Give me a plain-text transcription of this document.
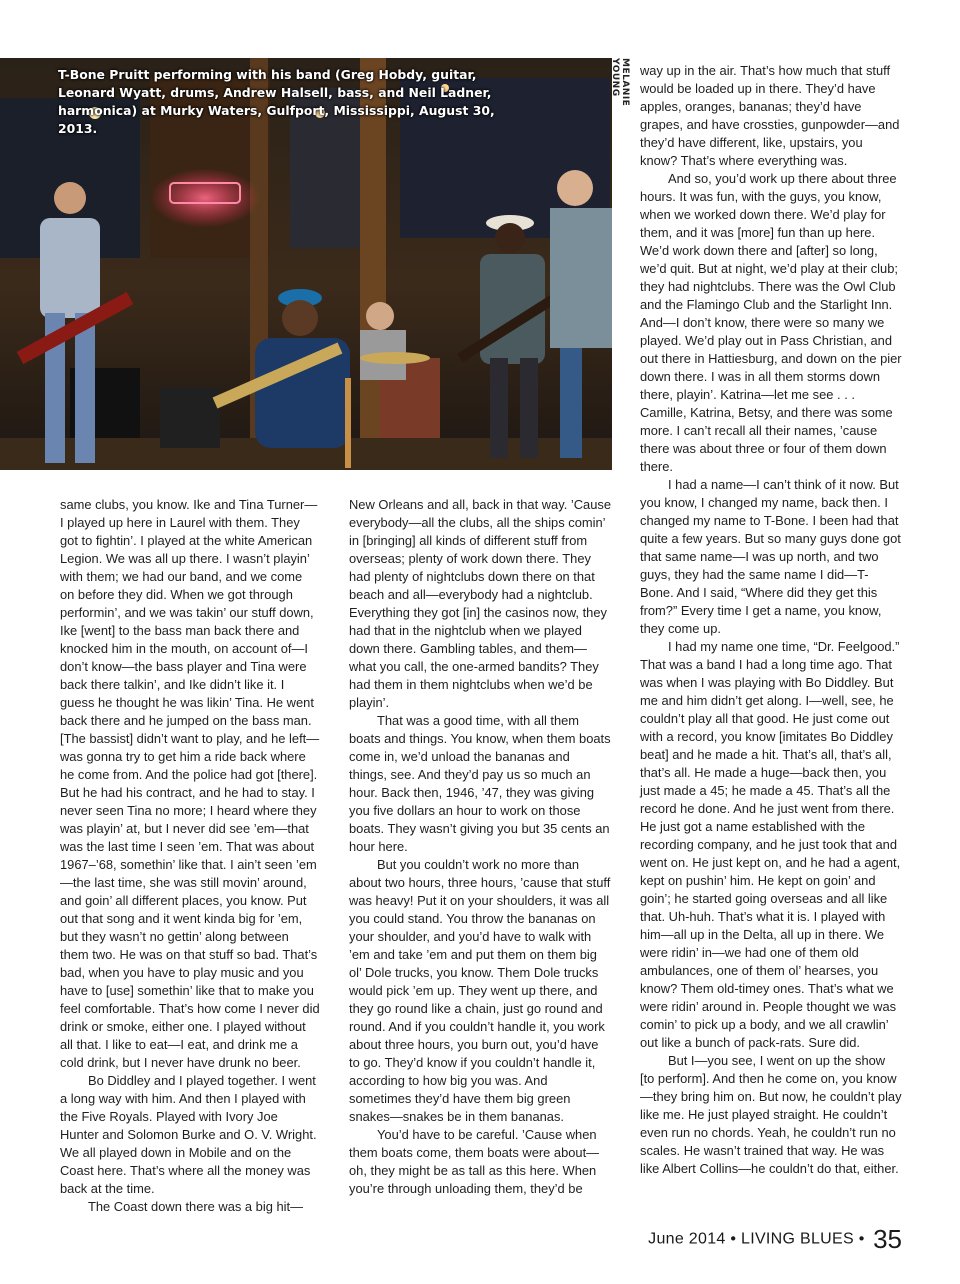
T-Bone Pruitt performing with his band (Greg Hobdy, guitar, Leonard Wyatt, drums, Andrew Halsell, bass, and Neil Ladner, harmonica) at Murky Waters, Gulfport, Mississippi, August 30, 2013.

MELANIE YOUNG

same clubs, you know. Ike and Tina Turner—I played up here in Laurel with them. They got to fightin’. I played at the white American Legion. We was all up there. I wasn’t playin’ with them; we had our band, and we come on before they did. When we got through performin’, and we was takin’ our stuff down, Ike [went] to the bass man back there and knocked him in the mouth, on account of—I don’t know—the bass player and Tina were back there talkin’, and Ike didn’t like it. I guess he thought he was likin’ Tina. He went back there and he jumped on the bass man. [The bassist] didn’t want to play, and he left—was gonna try to get him a ride back where he come from. And the police had got [there]. But he had his contract, and he had to stay. I never seen Tina no more; I heard where they was playin’ at, but I never did see ’em—that was the last time I seen ’em. That was about 1967–’68, somethin’ like that. I ain’t seen ’em—the last time, she was still movin’ around, and goin’ all different places, you know. Put out that song and it went kinda big for ’em, but they wasn’t no gettin’ along between them two. He was on that stuff so bad. That’s bad, when you have to play music and you have to [use] somethin’ like that to make you feel comfortable. That’s how come I never did drink or smoke, either one. I played without all that. I like to eat—I eat, and drink me a cold drink, but I never have drunk no beer.

Bo Diddley and I played together. I went a long way with him. And then I played with the Five Royals. Played with Ivory Joe Hunter and Solomon Burke and O. V. Wright. We all played down in Mobile and on the Coast here. That’s where all the money was back at the time.

The Coast down there was a big hit—

New Orleans and all, back in that way. ’Cause everybody—all the clubs, all the ships comin’ in [bringing] all kinds of different stuff from overseas; plenty of work down there. They had plenty of nightclubs down there on that beach and all—everybody had a nightclub. Everything they got [in] the casinos now, they had that in the nightclub when we played down there. Gambling tables, and them—what you call, the one-armed bandits? They had them in them nightclubs when we’d be playin’.

That was a good time, with all them boats and things. You know, when them boats come in, we’d unload the bananas and things, see. And they’d pay us so much an hour. Back then, 1946, ’47, they was giving you five dollars an hour to work on those boats. They wasn’t giving you but 35 cents an hour here.

But you couldn’t work no more than about two hours, three hours, ’cause that stuff was heavy! Put it on your shoulders, it was all you could stand. You throw the bananas on your shoulder, and you’d have to walk with ’em and take ’em and put them on them big ol’ Dole trucks, you know. Them Dole trucks would pick ’em up. They went up there, and they go round like a chain, just go round and round. And if you couldn’t handle it, you work about three hours, you burn out, you’d have to go. They’d know if you couldn’t handle it, according to how big you was. And sometimes they’d have them big green snakes—snakes be in them bananas.

You’d have to be careful. ’Cause when them boats come, them boats were about—oh, they might be as tall as this here. When you’re through unloading them, they’d be

way up in the air. That’s how much that stuff would be loaded up in there. They’d have apples, oranges, bananas; they’d have grapes, and have crossties, gunpowder—and they’d have different, like, upstairs, you know? That’s where everything was.

And so, you’d work up there about three hours. It was fun, with the guys, you know, when we worked down there. We’d play for them, and it was [more] fun than up here. We’d work down there and [after] so long, we’d quit. But at night, we’d play at their club; they had nightclubs. There was the Owl Club and the Flamingo Club and the Starlight Inn. And—I don’t know, there were so many we played. We’d play out in Pass Christian, and out there in Hattiesburg, and down on the pier down there. I was in all them storms down there, playin’. Katrina—let me see . . . Camille, Katrina, Betsy, and there was some more. I can’t recall all their names, ’cause there was about three or four of them down there.

I had a name—I can’t think of it now. But you know, I changed my name, back then. I changed my name to T-Bone. I been had that quite a few years. But so many guys done got that same name—I was up north, and two guys, they had the same name I did—T-Bone. And I said, “Where did they get this from?” Every time I get a name, you know, they come up.

I had my name one time, “Dr. Feelgood.” That was a band I had a long time ago. That was when I was playing with Bo Diddley. But me and him didn’t get along. I—well, see, he couldn’t play all that good. He just come out with a record, you know [imitates Bo Diddley beat] and he made a hit. That’s all, that’s all, that’s all. He made a huge—back then, you just made a 45; he made a 45. That’s all the record he done. And he just went from there. He just got a name established with the recording company, and he just took that and went on. He just kept on, and he had a agent, kept on pushin’ him. He kept on goin’ and goin’; he started going overseas and all like that. Uh-huh. That’s what it is. I played with him—all up in the Delta, all up in there. We were ridin’ in—we had one of them old ambulances, one of them ol’ hearses, you know? Them old-timey ones. That’s what we were ridin’ around in. People thought we was comin’ to pick up a body, and we all crawlin’ out like a bunch of pack-rats. Sure did.

But I—you see, I went on up the show [to perform]. And then he come on, you know—they bring him on. But now, he couldn’t play like me. He just played straight. He couldn’t even run no chords. Yeah, he couldn’t run no scales. He wasn’t trained that way. He was like Albert Collins—he couldn’t do that, either.

June 2014 • LIVING BLUES • 35
